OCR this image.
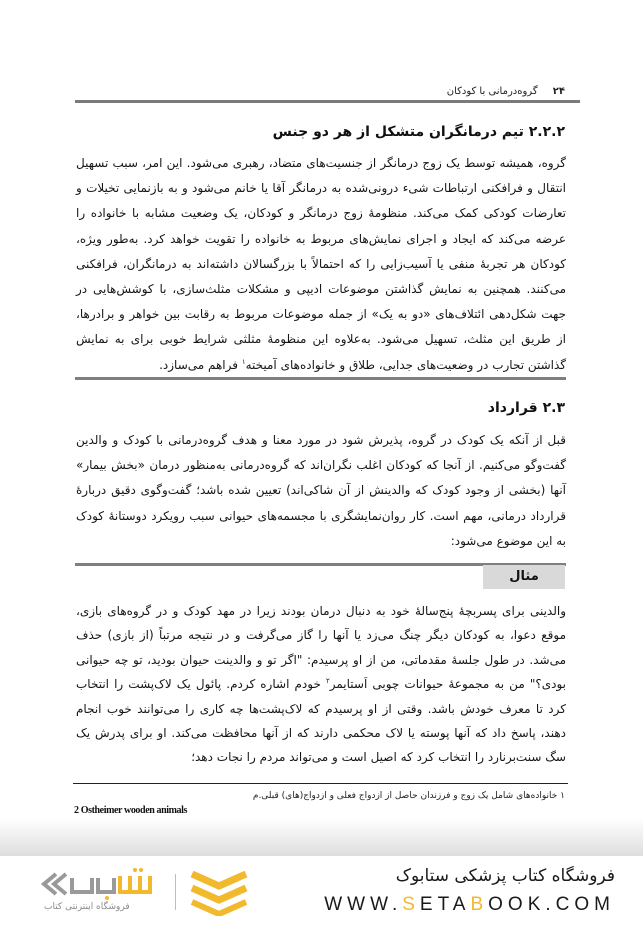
۲۴ گروه‌درمانی با کودکان
۲.۲.۲ تیم درمانگران متشکل از هر دو جنس
گروه، همیشه توسط یک زوج درمانگر از جنسیت‌های متضاد، رهبری می‌شود. این امر، سبب تسهیل انتقال و فرافکنی ارتباطات شیء درونی‌شده به درمانگر آقا یا خانم می‌شود و به بازنمایی تخیلات و تعارضات کودکی کمک می‌کند. منظومهٔ زوج درمانگر و کودکان، یک وضعیت مشابه با خانواده را عرضه می‌کند که ایجاد و اجرای نمایش‌های مربوط به خانواده را تقویت خواهد کرد. به‌طور ویژه، کودکان هر تجربهٔ منفی یا آسیب‌زایی را که احتمالاً با بزرگسالان داشته‌اند به درمانگران، فرافکنی می‌کنند. همچنین به نمایش گذاشتن موضوعات ادیپی و مشکلات مثلث‌سازی، با کوشش‌هایی در جهت شکل‌دهی ائتلاف‌های «دو به یک» از جمله موضوعات مربوط به رقابت بین خواهر و برادرها، از طریق این مثلث، تسهیل می‌شود. به‌علاوه این منظومهٔ مثلثی شرایط خوبی برای به نمایش گذاشتن تجارب در وضعیت‌های جدایی، طلاق و خانواده‌های آمیخته$^۱$ فراهم می‌سازد.
۲.۳ قرارداد
قبل از آنکه یک کودک در گروه، پذیرش شود در مورد معنا و هدف گروه‌درمانی با کودک و والدین گفت‌وگو می‌کنیم. از آنجا که کودکان اغلب نگران‌اند که گروه‌درمانی به‌منظور درمان «بخش بیمار» آنها (بخشی از وجود کودک که والدینش از آن شاکی‌اند) تعیین شده باشد؛ گفت‌وگوی دقیق دربارهٔ قرارداد درمانی، مهم است. کار روان‌نمایشگری با مجسمه‌های حیوانی سبب رویکرد دوستانهٔ کودک به این موضوع می‌شود:
مثال
والدینی برای پسربچهٔ پنج‌سالهٔ خود به دنبال درمان بودند زیرا در مهد کودک و در گروه‌های بازی، موقع دعوا، به کودکان دیگر چنگ می‌زد یا آنها را گاز می‌گرفت و در نتیجه مرتباً (از بازی) حذف می‌شد. در طول جلسهٔ مقدماتی، من از او پرسیدم: "اگر تو و والدینت حیوان بودید، تو چه حیوانی بودی؟" من به مجموعهٔ حیوانات چوبی اَستایمر$^۲$ خودم اشاره کردم. پائول یک لاک‌پشت را انتخاب کرد تا معرف خودش باشد. وقتی از او پرسیدم که لاک‌پشت‌ها چه کاری را می‌توانند خوب انجام دهند، پاسخ داد که آنها پوسته یا لاک محکمی دارند که از آنها محافظت می‌کند. او برای پدرش یک سگ سنت‌برنارد را انتخاب کرد که اصیل است و می‌تواند مردم را نجات دهد؛
۱ خانواده‌های شامل یک زوج و فرزندان حاصل از ازدواج فعلی و ازدواج(های) قبلی.م
2 Ostheimer wooden animals
فروشگاه اینترنتی کتاب
فروشگاه کتاب پزشکی ستابوک
WWW.SETABOOK.COM
